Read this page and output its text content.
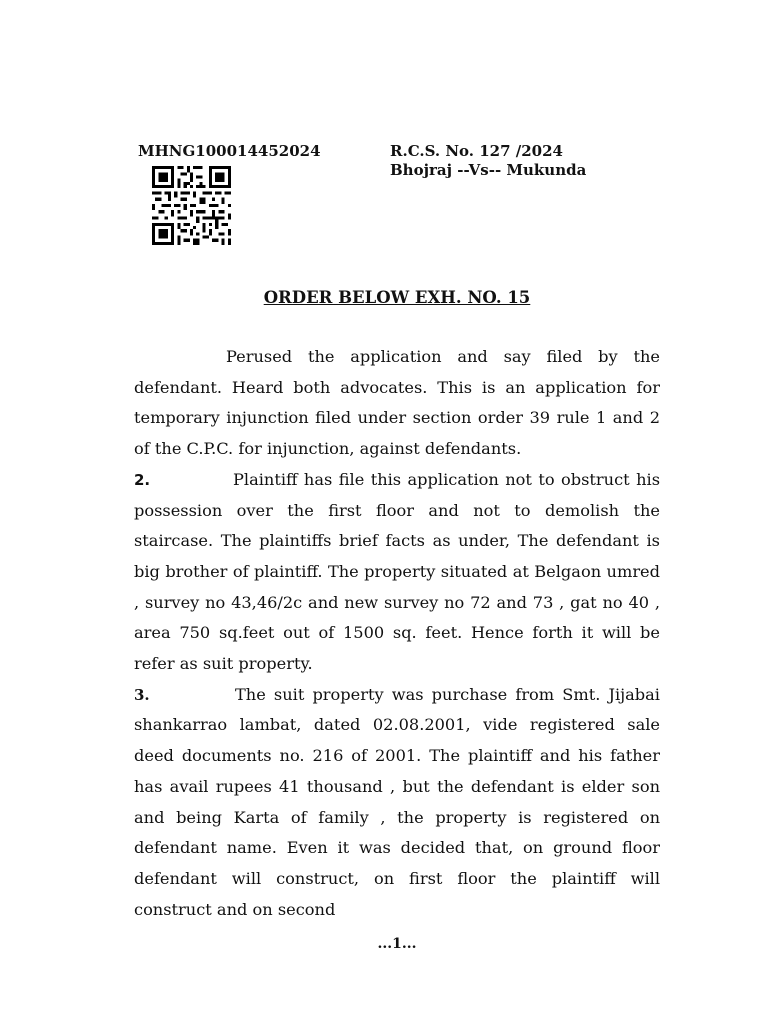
MHNG100014452024	R.C.S. No. 127 /2024
Bhojraj --Vs-- Mukunda
ORDER BELOW EXH. NO. 15

Perused the application and say filed by the defendant. Heard both advocates. This is an application for temporary injunction filed under section order 39 rule 1 and 2 of the C.P.C. for injunction, against defendants.

2.	Plaintiff has file this application not to obstruct his possession over the first floor and not to demolish the staircase. The plaintiffs brief facts as under, The defendant is big brother of plaintiff. The property situated at Belgaon umred , survey no 43,46/2c and new survey no 72 and 73 , gat no 40 , area 750 sq.feet out of 1500 sq. feet. Hence forth it will be refer as suit property.

3.	The suit property was purchase from Smt. Jijabai shankarrao lambat, dated 02.08.2001, vide registered sale deed documents no. 216 of 2001. The plaintiff and his father has avail rupees 41 thousand , but the defendant is elder son and being Karta of family , the property is registered on defendant name. Even it was decided that, on ground floor defendant will construct, on first floor the plaintiff will construct and on second

...1...
